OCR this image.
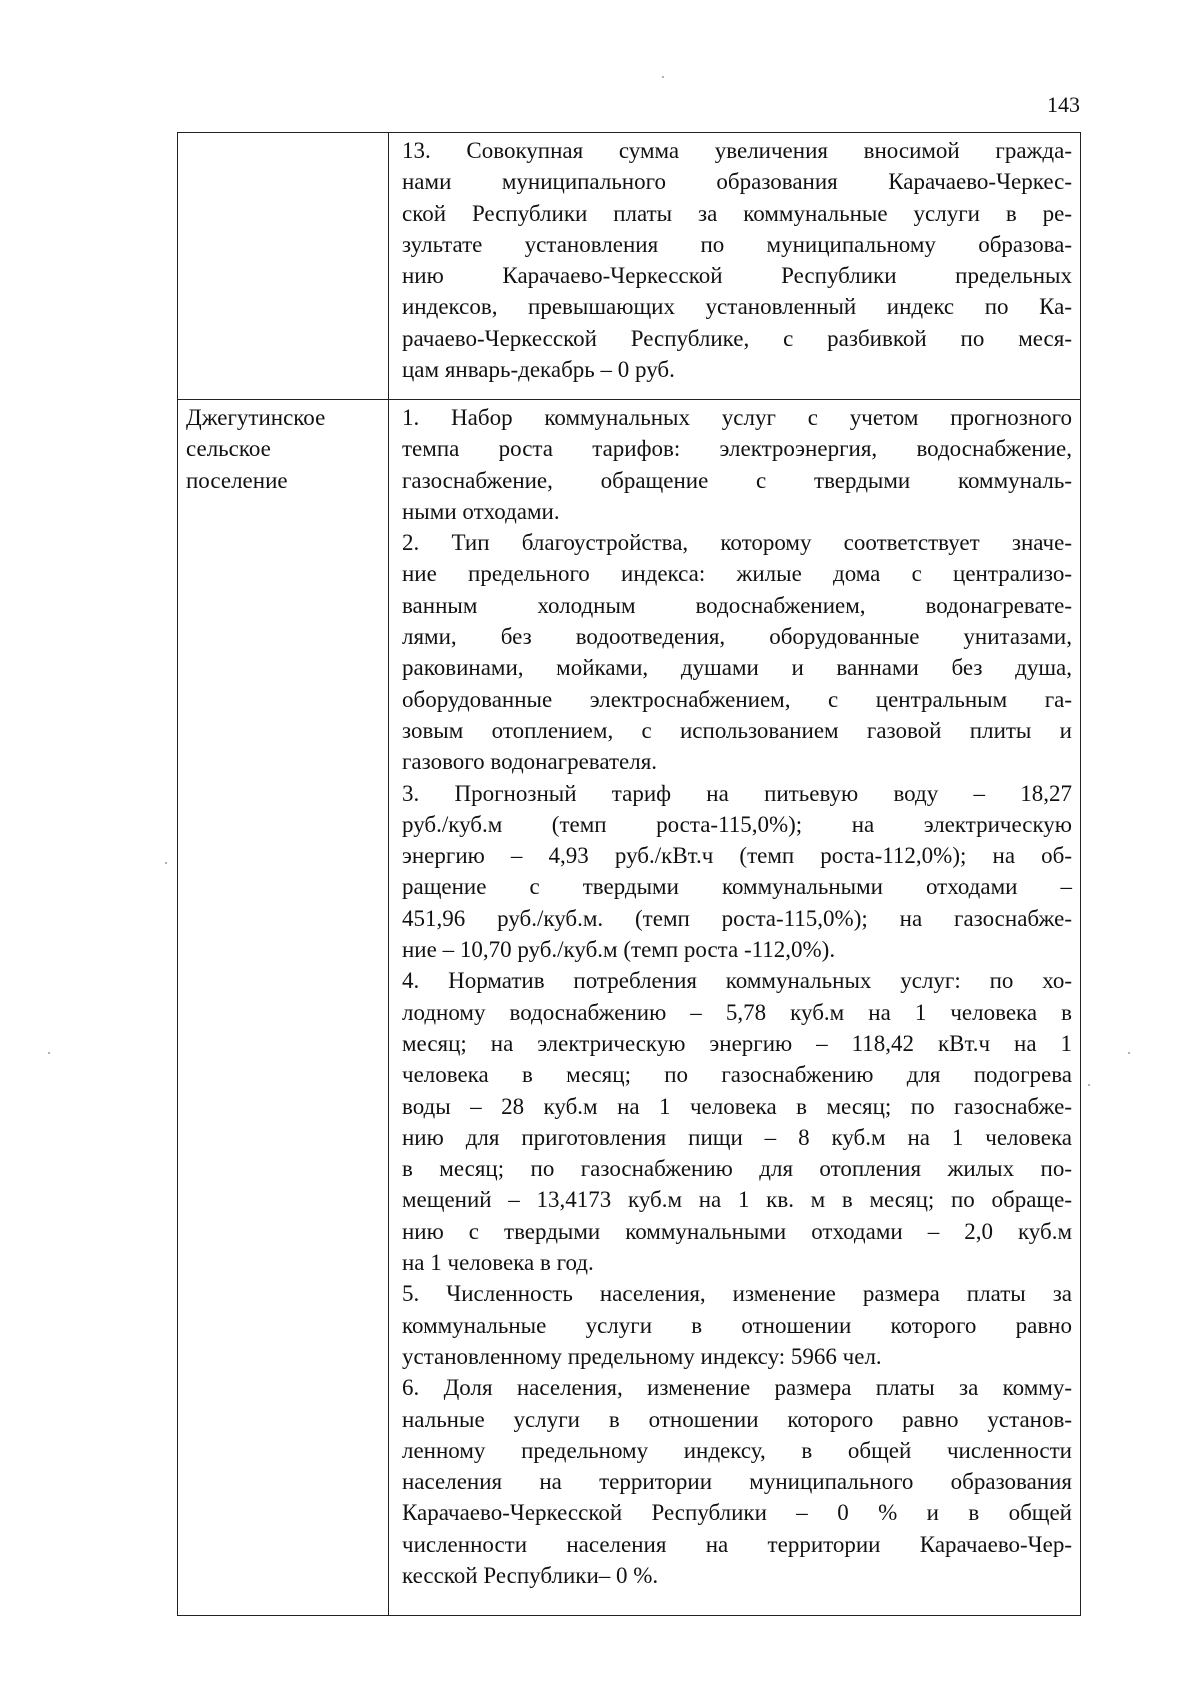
143
13. Совокупная сумма увеличения вносимой гражда-
нами муниципального образования Карачаево-Черкес-
ской Республики платы за коммунальные услуги в ре-
зультате установления по муниципальному образова-
нию Карачаево-Черкесской Республики предельных
индексов, превышающих установленный индекс по Ка-
рачаево-Черкесской Республике, с разбивкой по меся-
цам январь-декабрь – 0 руб.
Джегутинское
сельское
поселение
1. Набор коммунальных услуг с учетом прогнозного
темпа роста тарифов: электроэнергия, водоснабжение,
газоснабжение, обращение с твердыми коммуналь-
ными отходами.
2. Тип благоустройства, которому соответствует значе-
ние предельного индекса: жилые дома с централизо-
ванным холодным водоснабжением, водонагревате-
лями, без водоотведения, оборудованные унитазами,
раковинами, мойками, душами и ваннами без душа,
оборудованные электроснабжением, с центральным га-
зовым отоплением, с использованием газовой плиты и
газового водонагревателя.
3. Прогнозный тариф на питьевую воду – 18,27
руб./куб.м (темп роста-115,0%); на электрическую
энергию – 4,93 руб./кВт.ч (темп роста-112,0%); на об-
ращение с твердыми коммунальными отходами –
451,96 руб./куб.м. (темп роста-115,0%); на газоснабже-
ние – 10,70 руб./куб.м (темп роста -112,0%).
4. Норматив потребления коммунальных услуг: по хо-
лодному водоснабжению – 5,78 куб.м на 1 человека в
месяц; на электрическую энергию – 118,42 кВт.ч на 1
человека в месяц; по газоснабжению для подогрева
воды – 28 куб.м на 1 человека в месяц; по газоснабже-
нию для приготовления пищи – 8 куб.м на 1 человека
в месяц; по газоснабжению для отопления жилых по-
мещений – 13,4173 куб.м на 1 кв. м в месяц; по обраще-
нию с твердыми коммунальными отходами – 2,0 куб.м
на 1 человека в год.
5. Численность населения, изменение размера платы за
коммунальные услуги в отношении которого равно
установленному предельному индексу: 5966 чел.
6. Доля населения, изменение размера платы за комму-
нальные услуги в отношении которого равно установ-
ленному предельному индексу, в общей численности
населения на территории муниципального образования
Карачаево-Черкесской Республики – 0 % и в общей
численности населения на территории Карачаево-Чер-
кесской Республики– 0 %.
